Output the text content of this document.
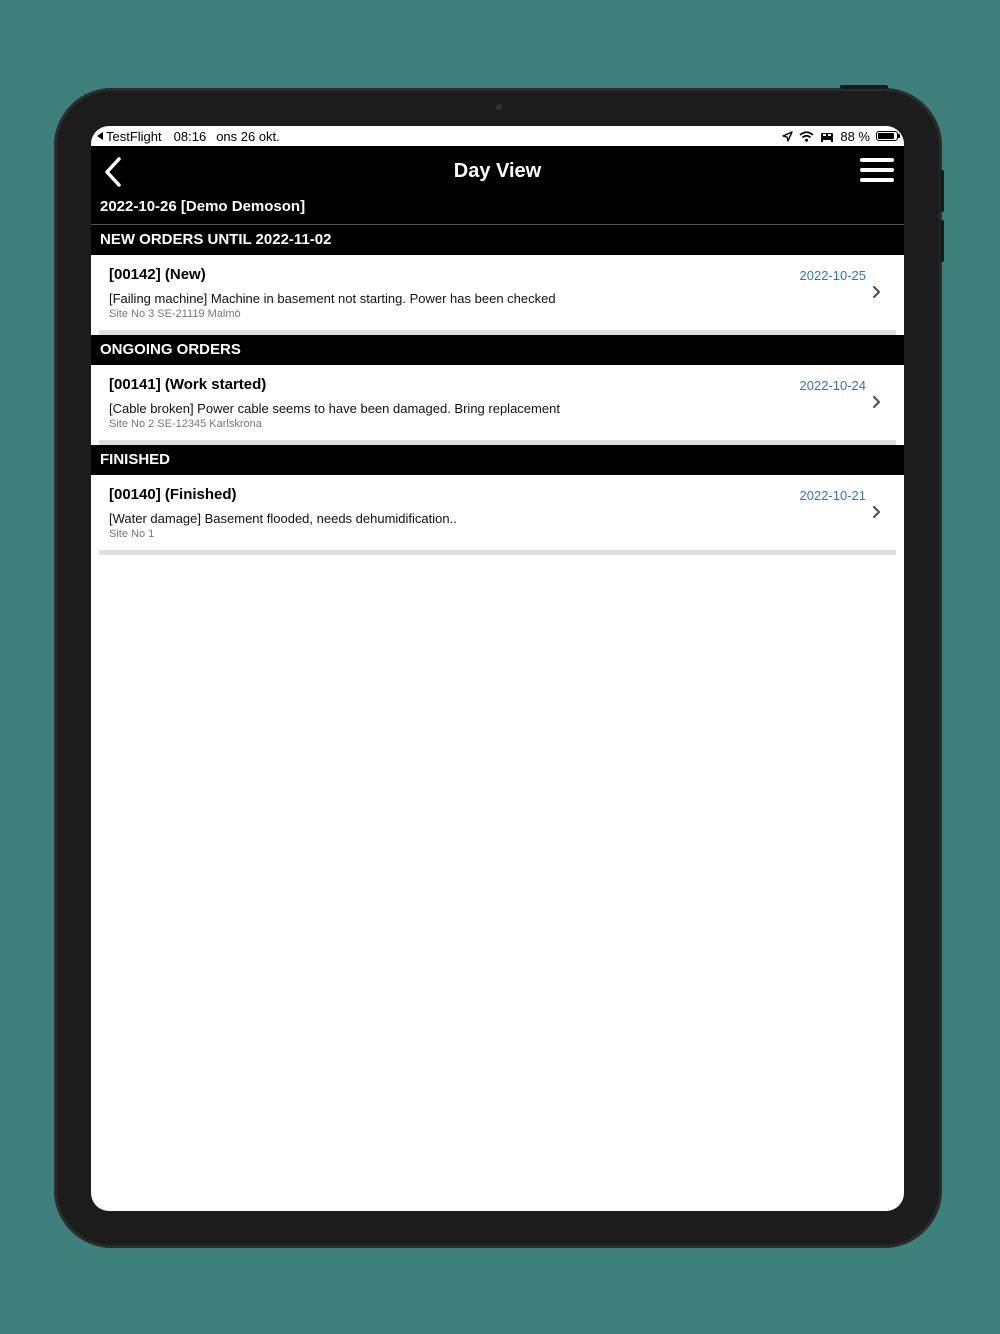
TestFlight 08:16 ons 26 okt.	88 %
Day View
2022-10-26 [Demo Demoson]
NEW ORDERS UNTIL 2022-11-02
[00142] (New)	2022-10-25
[Failing machine] Machine in basement not starting. Power has been checked
Site No 3 SE-21119 Malmö
ONGOING ORDERS
[00141] (Work started)	2022-10-24
[Cable broken] Power cable seems to have been damaged. Bring replacement
Site No 2 SE-12345 Karlskrona
FINISHED
[00140] (Finished)	2022-10-21
[Water damage] Basement flooded, needs dehumidification..
Site No 1
